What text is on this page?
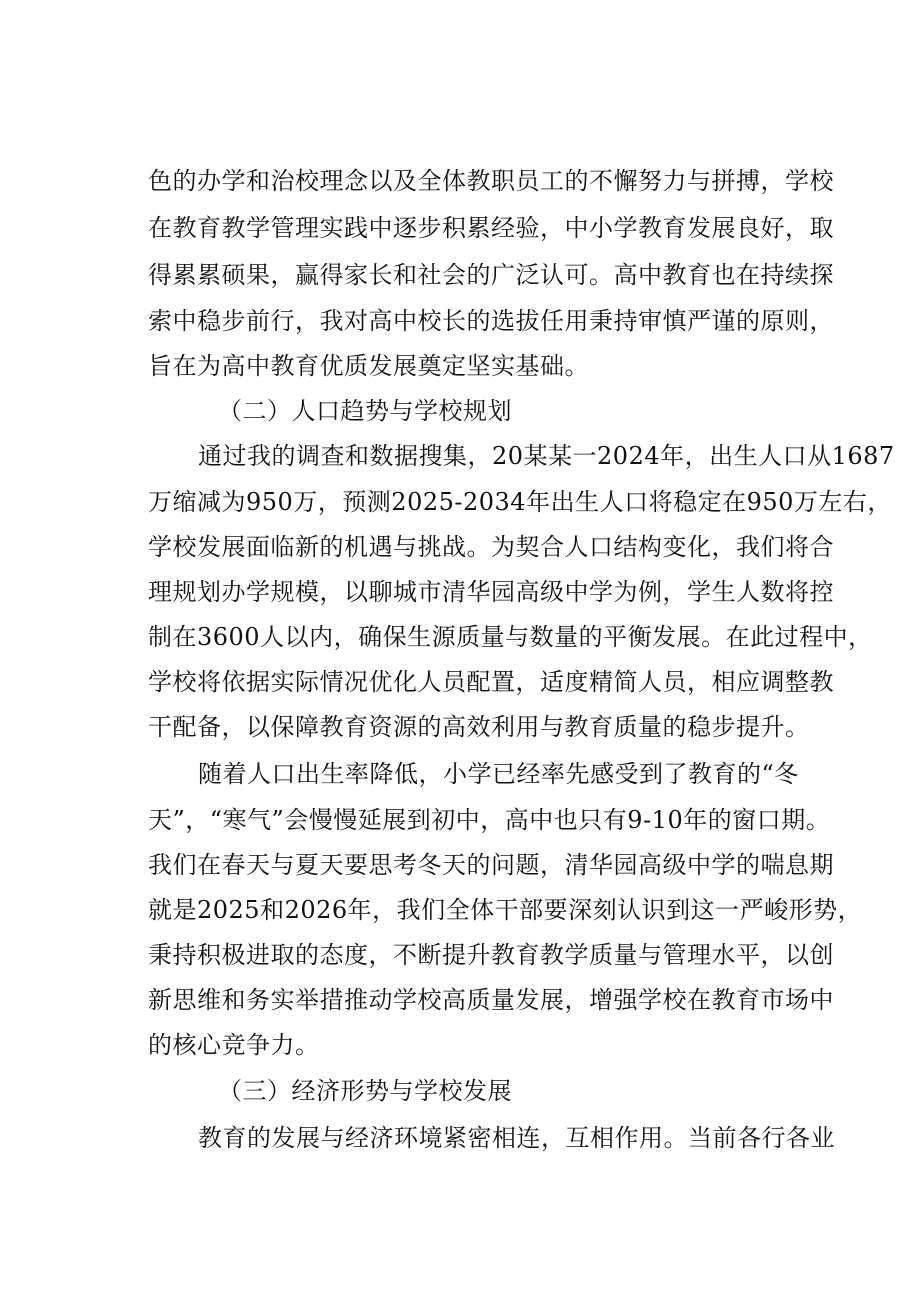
色的办学和治校理念以及全体教职员工的不懈努力与拼搏，学校
在教育教学管理实践中逐步积累经验，中小学教育发展良好，取
得累累硕果，赢得家长和社会的广泛认可。高中教育也在持续探
索中稳步前行，我对高中校长的选拔任用秉持审慎严谨的原则，
旨在为高中教育优质发展奠定坚实基础。
（二）人口趋势与学校规划
通过我的调查和数据搜集，20某某一2024年，出生人口从1687
万缩减为950万，预测2025-2034年出生人口将稳定在950万左右，
学校发展面临新的机遇与挑战。为契合人口结构变化，我们将合
理规划办学规模，以聊城市清华园高级中学为例，学生人数将控
制在3600人以内，确保生源质量与数量的平衡发展。在此过程中，
学校将依据实际情况优化人员配置，适度精简人员，相应调整教
干配备，以保障教育资源的高效利用与教育质量的稳步提升。
随着人口出生率降低，小学已经率先感受到了教育的“冬
天”，“寒气”会慢慢延展到初中，高中也只有9-10年的窗口期。
我们在春天与夏天要思考冬天的问题，清华园高级中学的喘息期
就是2025和2026年，我们全体干部要深刻认识到这一严峻形势，
秉持积极进取的态度，不断提升教育教学质量与管理水平，以创
新思维和务实举措推动学校高质量发展，增强学校在教育市场中
的核心竞争力。
（三）经济形势与学校发展
教育的发展与经济环境紧密相连，互相作用。当前各行各业
